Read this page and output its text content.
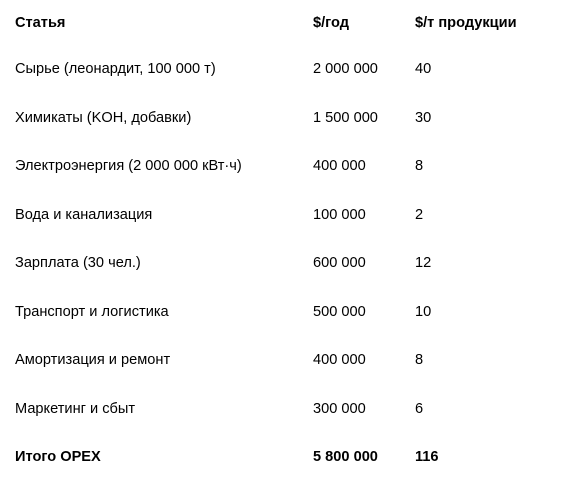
Статья	$/год	$/т продукции
Сырье (леонардит, 100 000 т)	2 000 000	40
Химикаты (KOH, добавки)	1 500 000	30
Электроэнергия (2 000 000 кВт·ч)	400 000	8
Вода и канализация	100 000	2
Зарплата (30 чел.)	600 000	12
Транспорт и логистика	500 000	10
Амортизация и ремонт	400 000	8
Маркетинг и сбыт	300 000	6
Итого OPEX	5 800 000	116
